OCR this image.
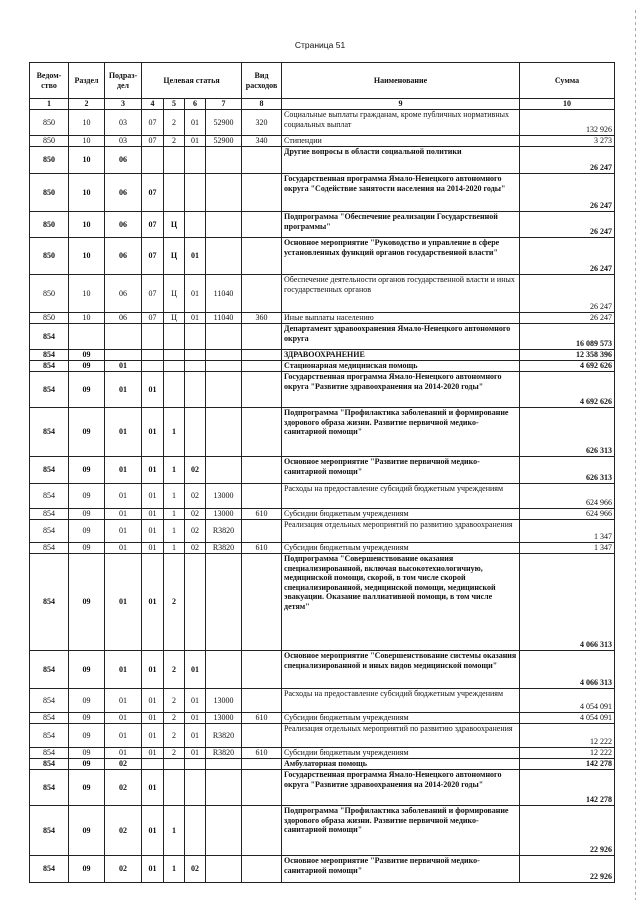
Страница 51
Ведом-ство	Раздел	Подраз-дел	Целевая статья				Вид расходов	Наименование	Сумма
1	2	3	4	5	6	7	8	9	10
850	10	03	07	2	01	52900	320	Социальные выплаты гражданам, кроме публичных нормативных социальных выплат	132 926
850	10	03	07	2	01	52900	340	Стипендии	3 273
850	10	06						Другие вопросы в области социальной политики	26 247
850	10	06	07					Государственная программа Ямало-Ненецкого автономного округа "Содействие занятости населения на 2014-2020 годы"	26 247
850	10	06	07	Ц				Подпрограмма "Обеспечение реализации Государственной программы"	26 247
850	10	06	07	Ц	01			Основное мероприятие "Руководство и управление в сфере установленных функций органов государственной власти"	26 247
850	10	06	07	Ц	01	11040		Обеспечение деятельности органов государственной власти и иных государственных органов	26 247
850	10	06	07	Ц	01	11040	360	Иные выплаты населению	26 247
854								Департамент здравоохранения Ямало-Ненецкого автономного округа	16 089 573
854	09							ЗДРАВООХРАНЕНИЕ	12 358 396
854	09	01						Стационарная медицинская помощь	4 692 626
854	09	01	01					Государственная программа Ямало-Ненецкого автономного округа "Развитие здравоохранения на 2014-2020 годы"	4 692 626
854	09	01	01	1				Подпрограмма "Профилактика заболеваний и формирование здорового образа жизни. Развитие первичной медико-санитарной помощи"	626 313
854	09	01	01	1	02			Основное мероприятие "Развитие первичной медико-санитарной помощи"	626 313
854	09	01	01	1	02	13000		Расходы на предоставление субсидий бюджетным учреждениям	624 966
854	09	01	01	1	02	13000	610	Субсидии бюджетным учреждениям	624 966
854	09	01	01	1	02	R3820		Реализация отдельных мероприятий по развитию здравоохранения	1 347
854	09	01	01	1	02	R3820	610	Субсидии бюджетным учреждениям	1 347
854	09	01	01	2				Подпрограмма "Совершенствование оказания специализированной, включая высокотехнологичную, медицинской помощи, скорой, в том числе скорой специализированной, медицинской помощи, медицинской эвакуации. Оказание паллиативной помощи, в том числе детям"	4 066 313
854	09	01	01	2	01			Основное мероприятие "Совершенствование системы оказания специализированной и иных видов медицинской помощи"	4 066 313
854	09	01	01	2	01	13000		Расходы на предоставление субсидий бюджетным учреждениям	4 054 091
854	09	01	01	2	01	13000	610	Субсидии бюджетным учреждениям	4 054 091
854	09	01	01	2	01	R3820		Реализация отдельных мероприятий по развитию здравоохранения	12 222
854	09	01	01	2	01	R3820	610	Субсидии бюджетным учреждениям	12 222
854	09	02						Амбулаторная помощь	142 278
854	09	02	01					Государственная программа Ямало-Ненецкого автономного округа "Развитие здравоохранения на 2014-2020 годы"	142 278
854	09	02	01	1				Подпрограмма "Профилактика заболеваний и формирование здорового образа жизни. Развитие первичной медико-санитарной помощи"	22 926
854	09	02	01	1	02			Основное мероприятие "Развитие первичной медико-санитарной помощи"	22 926
